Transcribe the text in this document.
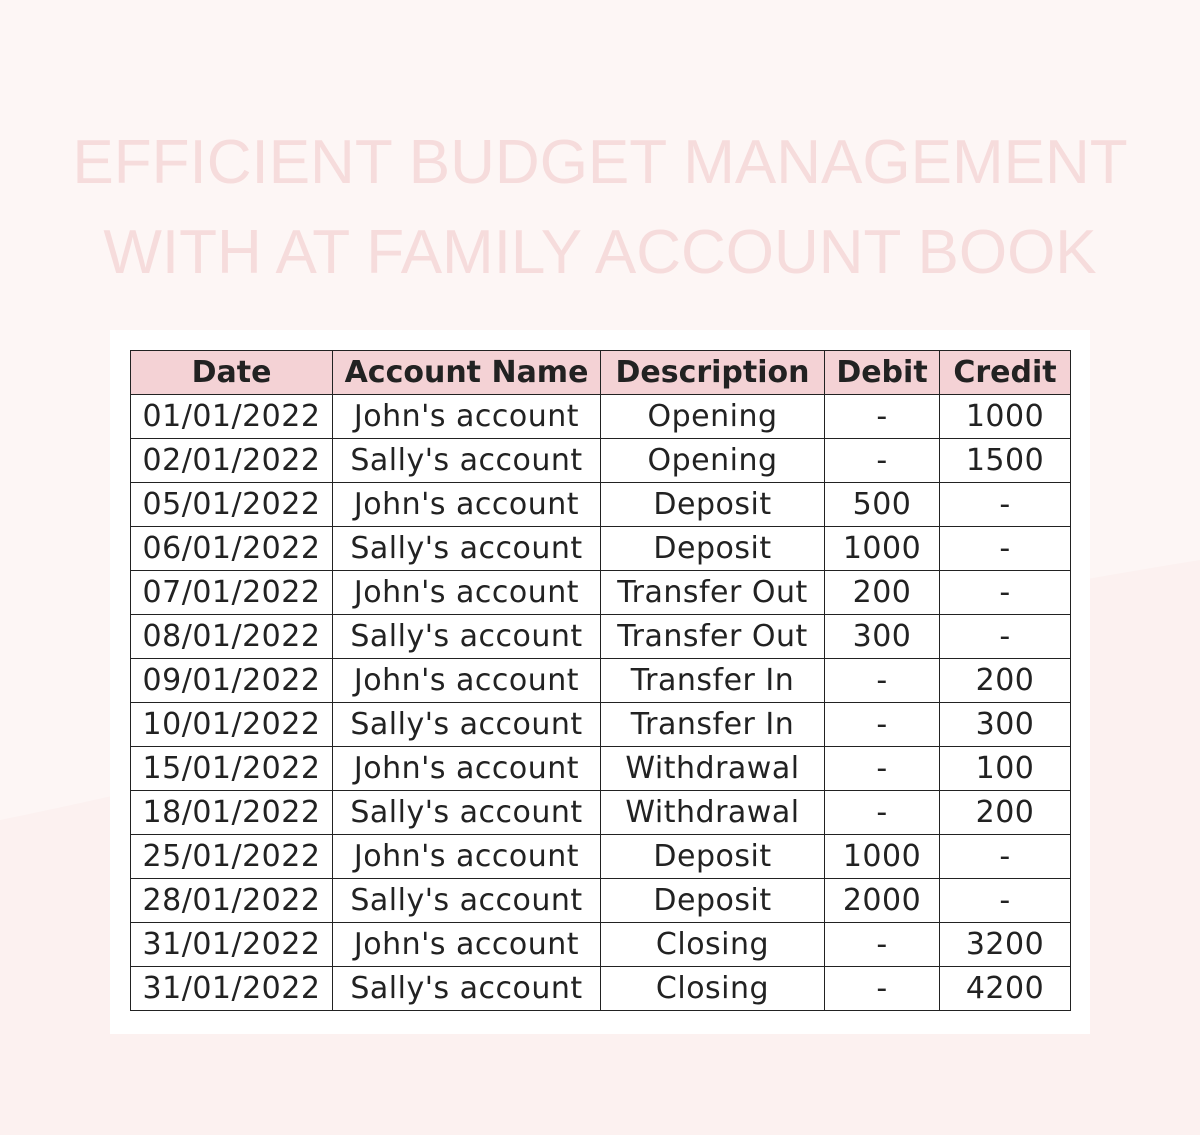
EFFICIENT BUDGET MANAGEMENT
WITH AT FAMILY ACCOUNT BOOK
Date	Account Name	Description	Debit	Credit
01/01/2022	John's account	Opening	-	1000
02/01/2022	Sally's account	Opening	-	1500
05/01/2022	John's account	Deposit	500	-
06/01/2022	Sally's account	Deposit	1000	-
07/01/2022	John's account	Transfer Out	200	-
08/01/2022	Sally's account	Transfer Out	300	-
09/01/2022	John's account	Transfer In	-	200
10/01/2022	Sally's account	Transfer In	-	300
15/01/2022	John's account	Withdrawal	-	100
18/01/2022	Sally's account	Withdrawal	-	200
25/01/2022	John's account	Deposit	1000	-
28/01/2022	Sally's account	Deposit	2000	-
31/01/2022	John's account	Closing	-	3200
31/01/2022	Sally's account	Closing	-	4200
